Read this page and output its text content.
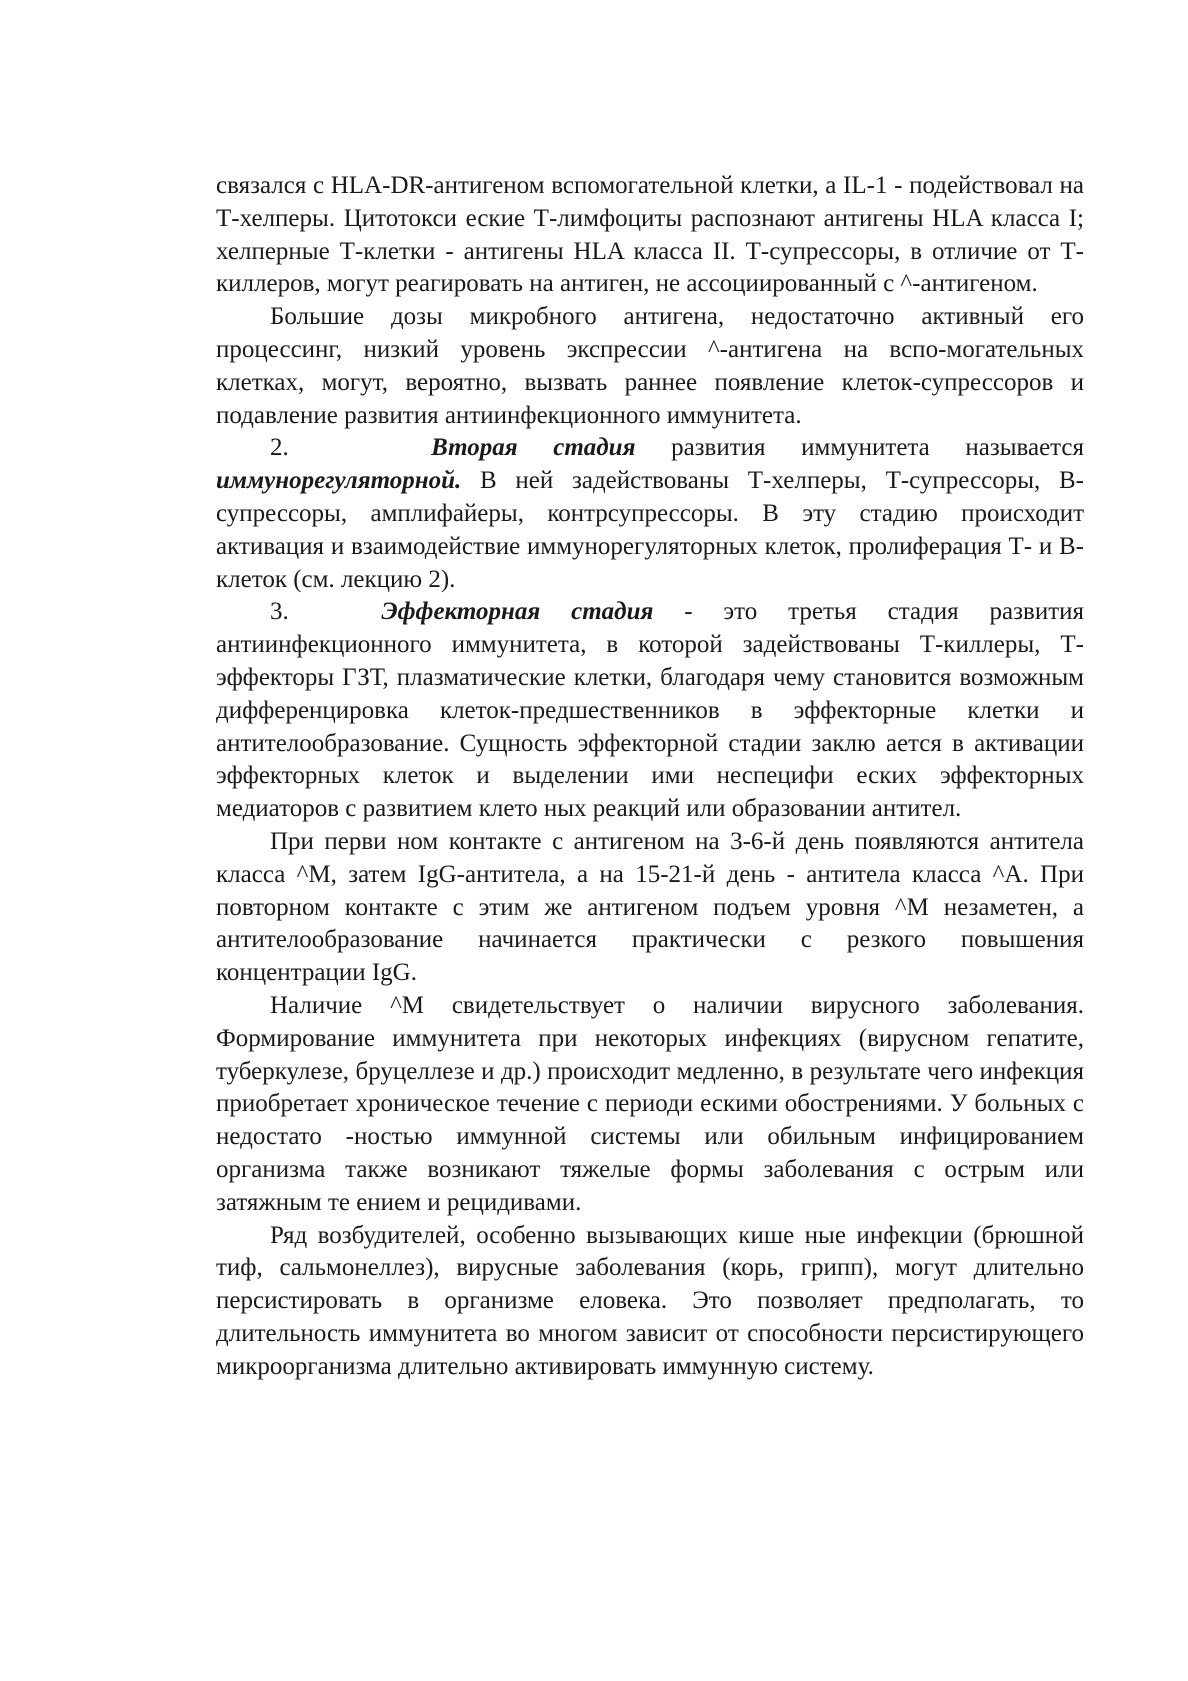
связался с HLA-DR-антигеном вспомогательной клетки, а IL-1 - подействовал на Т-хелперы. Цитотокси еские Т-лимфоциты распознают антигены HLA класса I; хелперные Т-клетки - антигены HLA класса II. Т-супрессоры, в отличие от Т-киллеров, могут реагировать на антиген, не ассоциированный с ^-антигеном.

Большие дозы микробного антигена, недостаточно активный его процессинг, низкий уровень экспрессии ^-антигена на вспо-могательных клетках, могут, вероятно, вызвать раннее появление клеток-супрессоров и подавление развития антиинфекционного иммунитета.

2.	Вторая стадия развития иммунитета называется иммунорегуляторной. В ней задействованы Т-хелперы, Т-супрессоры, В-супрессоры, амплифайеры, контрсупрессоры. В эту стадию происходит активация и взаимодействие иммунорегуляторных клеток, пролиферация Т- и В-клеток (см. лекцию 2).

3.	Эффекторная стадия - это третья стадия развития антиинфекционного иммунитета, в которой задействованы Т-киллеры, Т-эффекторы ГЗТ, плазматические клетки, благодаря чему становится возможным дифференцировка клеток-предшественников в эффекторные клетки и антителообразование. Сущность эффекторной стадии заклю ается в активации эффекторных клеток и выделении ими неспецифи еских эффекторных медиаторов с развитием клето ных реакций или образовании антител.

При перви ном контакте с антигеном на 3-6-й день появляются антитела класса ^М, затем IgG-антитела, а на 15-21-й день - антитела класса ^А. При повторном контакте с этим же антигеном подъем уровня ^М незаметен, а антителообразование начинается практически с резкого повышения концентрации IgG.

Наличие ^М свидетельствует о наличии вирусного заболевания. Формирование иммунитета при некоторых инфекциях (вирусном гепатите, туберкулезе, бруцеллезе и др.) происходит медленно, в результате чего инфекция приобретает хроническое течение с периоди ескими обострениями. У больных с недостато -ностью иммунной системы или обильным инфицированием организма также возникают тяжелые формы заболевания с острым или затяжным те ением и рецидивами.

Ряд возбудителей, особенно вызывающих кише ные инфекции (брюшной тиф, сальмонеллез), вирусные заболевания (корь, грипп), могут длительно персистировать в организме еловека. Это позволяет предполагать, то длительность иммунитета во многом зависит от способности персистирующего микроорганизма длительно активировать иммунную систему.
